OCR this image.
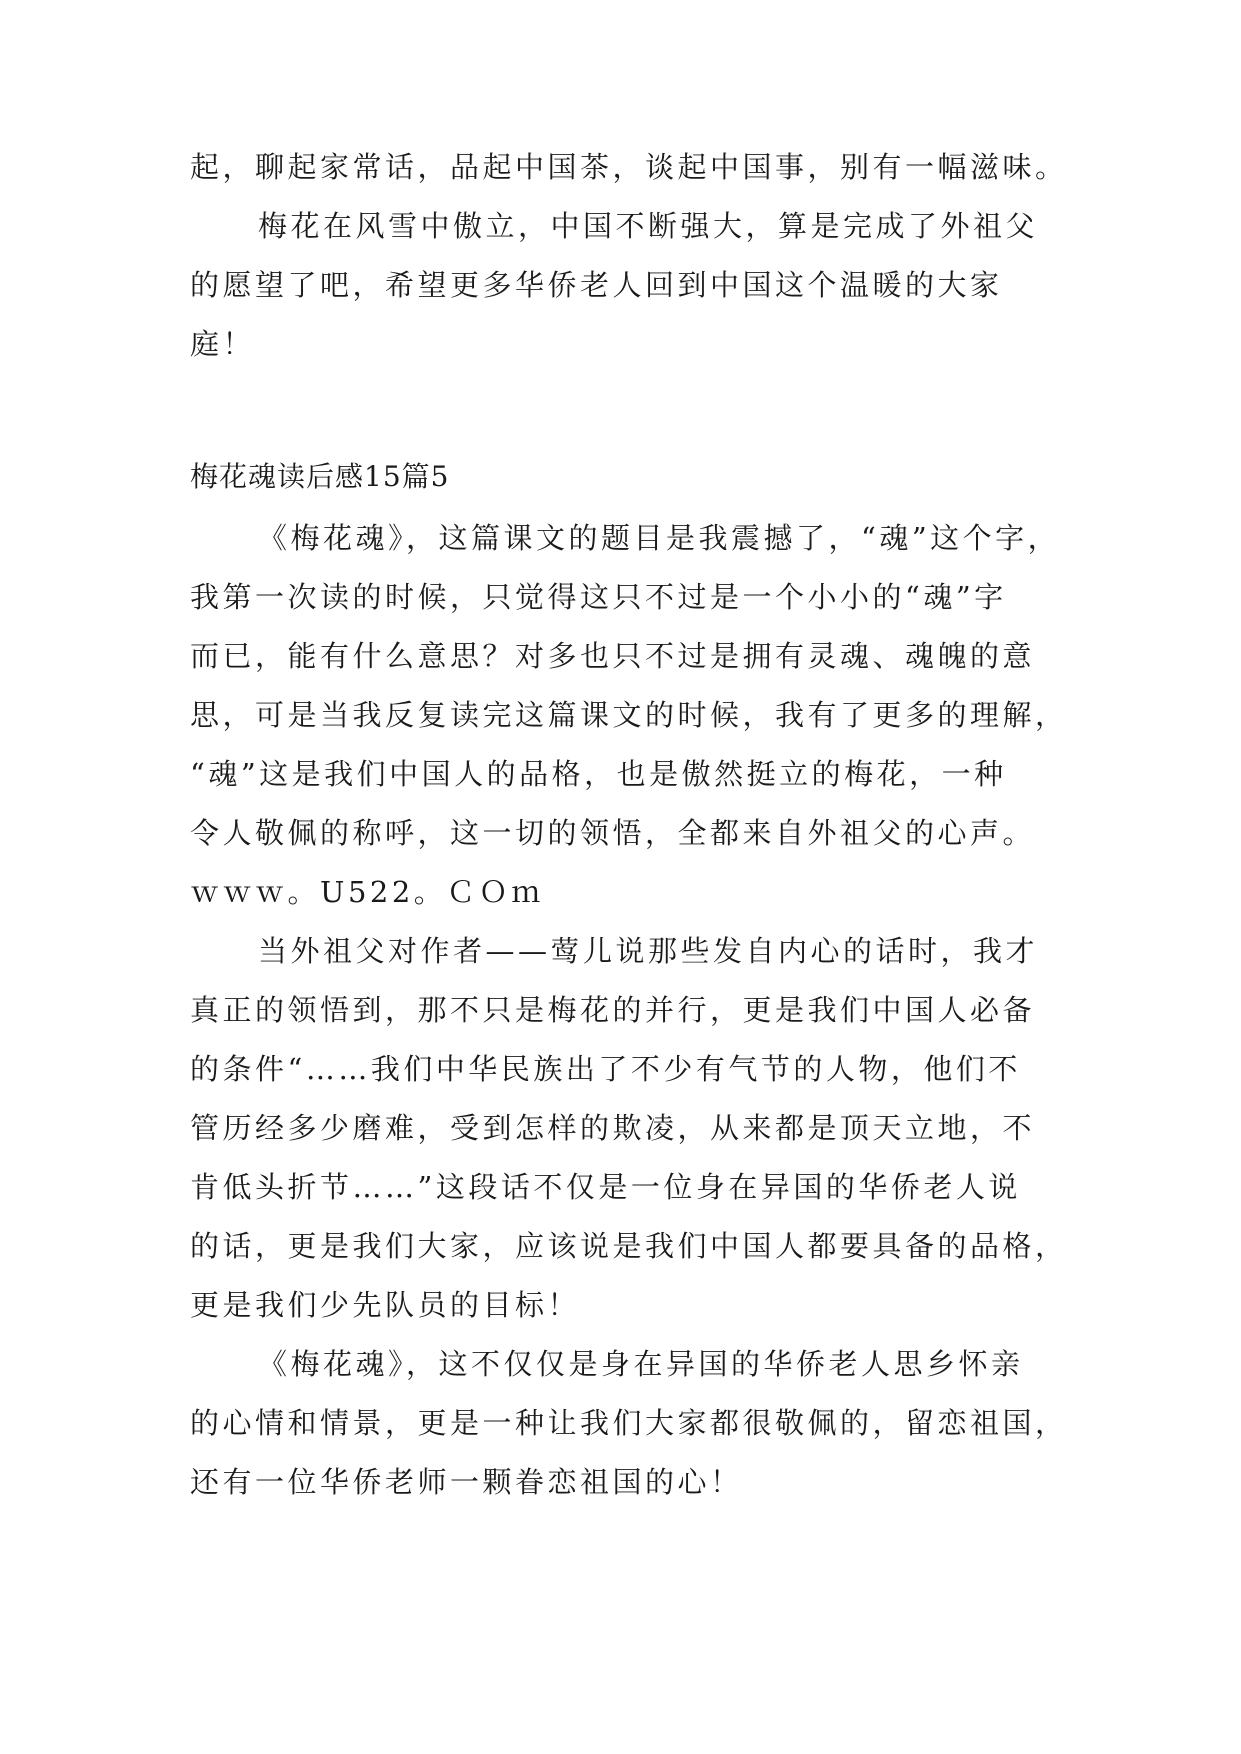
起，聊起家常话，品起中国茶，谈起中国事，别有一幅滋味。
梅花在风雪中傲立，中国不断强大，算是完成了外祖父
的愿望了吧，希望更多华侨老人回到中国这个温暖的大家
庭！
梅花魂读后感15篇5
《梅花魂》，这篇课文的题目是我震撼了，“魂”这个字，
我第一次读的时候，只觉得这只不过是一个小小的“魂”字
而已，能有什么意思？对多也只不过是拥有灵魂、魂魄的意
思，可是当我反复读完这篇课文的时候，我有了更多的理解，
“魂”这是我们中国人的品格，也是傲然挺立的梅花，一种
令人敬佩的称呼，这一切的领悟，全都来自外祖父的心声。
ｗｗｗ。U522。ＣＯｍ
当外祖父对作者——莺儿说那些发自内心的话时，我才
真正的领悟到，那不只是梅花的并行，更是我们中国人必备
的条件“……我们中华民族出了不少有气节的人物，他们不
管历经多少磨难，受到怎样的欺凌，从来都是顶天立地，不
肯低头折节……”这段话不仅是一位身在异国的华侨老人说
的话，更是我们大家，应该说是我们中国人都要具备的品格，
更是我们少先队员的目标！
《梅花魂》，这不仅仅是身在异国的华侨老人思乡怀亲
的心情和情景，更是一种让我们大家都很敬佩的，留恋祖国，
还有一位华侨老师一颗眷恋祖国的心！
